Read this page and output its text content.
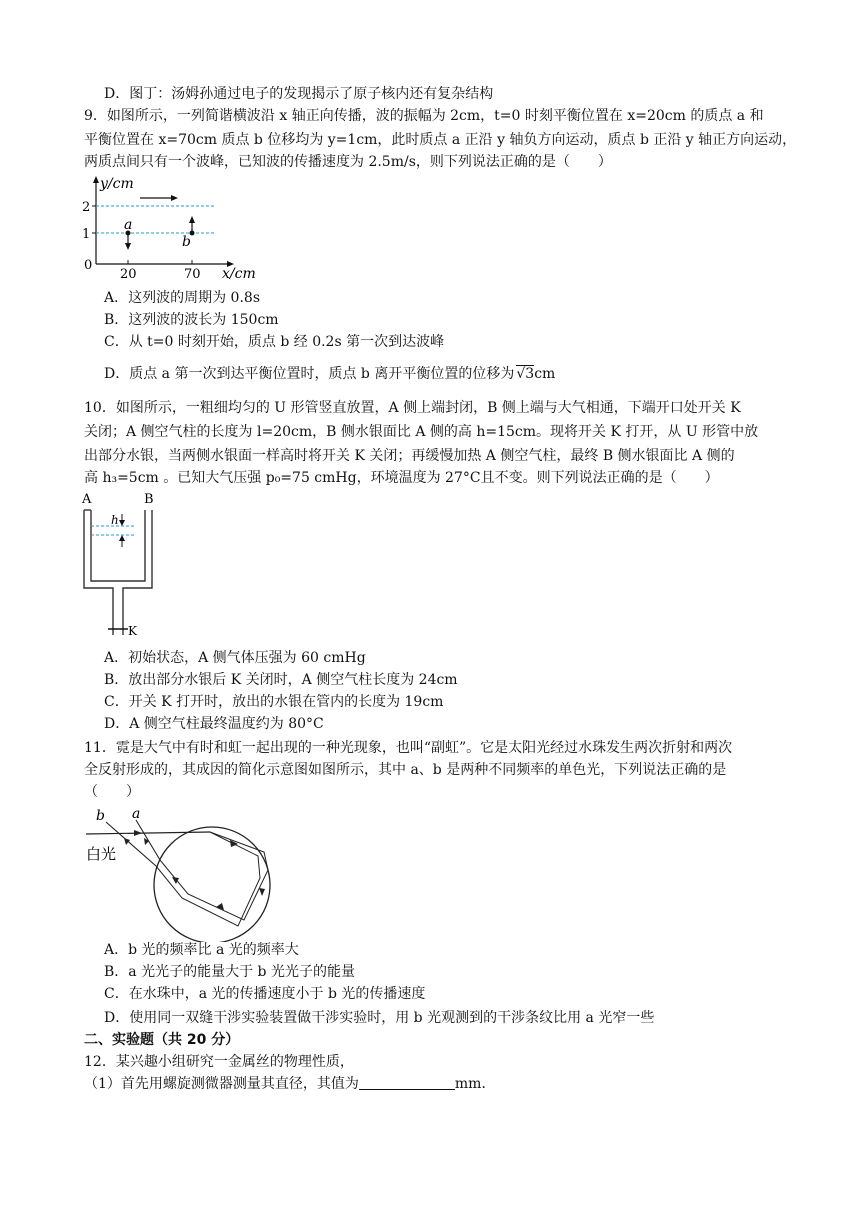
D．图丁：汤姆孙通过电子的发现揭示了原子核内还有复杂结构
9．如图所示，一列简谐横波沿 x 轴正向传播，波的振幅为 2cm，t=0 时刻平衡位置在 x=20cm 的质点 a 和
平衡位置在 x=70cm 质点 b 位移均为 y=1cm，此时质点 a 正沿 y 轴负方向运动，质点 b 正沿 y 轴正方向运动，
两质点间只有一个波峰，已知波的传播速度为 2.5m/s，则下列说法正确的是（　　）
y/cm
x/cm
2
1
0
20	70
a
b
A．这列波的周期为 0.8s
B．这列波的波长为 150cm
C．从 t=0 时刻开始，质点 b 经 0.2s 第一次到达波峰
D．质点 a 第一次到达平衡位置时，质点 b 离开平衡位置的位移为 √3cm
10．如图所示，一粗细均匀的 U 形管竖直放置，A 侧上端封闭，B 侧上端与大气相通，下端开口处开关 K
关闭；A 侧空气柱的长度为 l=20cm，B 侧水银面比 A 侧的高 h=15cm。现将开关 K 打开，从 U 形管中放
出部分水银，当两侧水银面一样高时将开关 K 关闭；再缓慢加热 A 侧空气柱，最终 B 侧水银面比 A 侧的
高 h₃=5cm 。已知大气压强 p₀=75 cmHg，环境温度为 27°C且不变。则下列说法正确的是（　　）
A	B
h
K
A．初始状态，A 侧气体压强为 60 cmHg
B．放出部分水银后 K 关闭时，A 侧空气柱长度为 24cm
C．开关 K 打开时，放出的水银在管内的长度为 19cm
D．A 侧空气柱最终温度约为 80°C
11．霓是大气中有时和虹一起出现的一种光现象，也叫“副虹”。它是太阳光经过水珠发生两次折射和两次
全反射形成的，其成因的简化示意图如图所示，其中 a、b 是两种不同频率的单色光，下列说法正确的是
（　　）
b a
白光
A．b 光的频率比 a 光的频率大
B．a 光光子的能量大于 b 光光子的能量
C．在水珠中，a 光的传播速度小于 b 光的传播速度
D．使用同一双缝干涉实验装置做干涉实验时，用 b 光观测到的干涉条纹比用 a 光窄一些
二、实验题（共 20 分）
12．某兴趣小组研究一金属丝的物理性质，
（1）首先用螺旋测微器测量其直径，其值为	mm．
